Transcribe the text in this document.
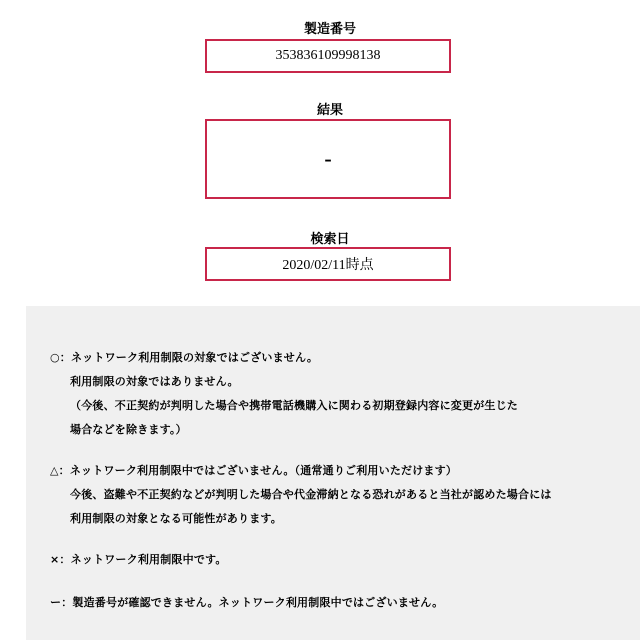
製造番号
353836109998138
結果
-
検索日
2020/02/11時点
○：ネットワーク利用制限の対象ではございません。
利用制限の対象ではありません。
（今後、不正契約が判明した場合や携帯電話機購入に関わる初期登録内容に変更が生じた
場合などを除きます。）
△：ネットワーク利用制限中ではございません。（通常通りご利用いただけます）
今後、盗難や不正契約などが判明した場合や代金滞納となる恐れがあると当社が認めた場合には
利用制限の対象となる可能性があります。
×：ネットワーク利用制限中です。
ー：製造番号が確認できません。ネットワーク利用制限中ではございません。
